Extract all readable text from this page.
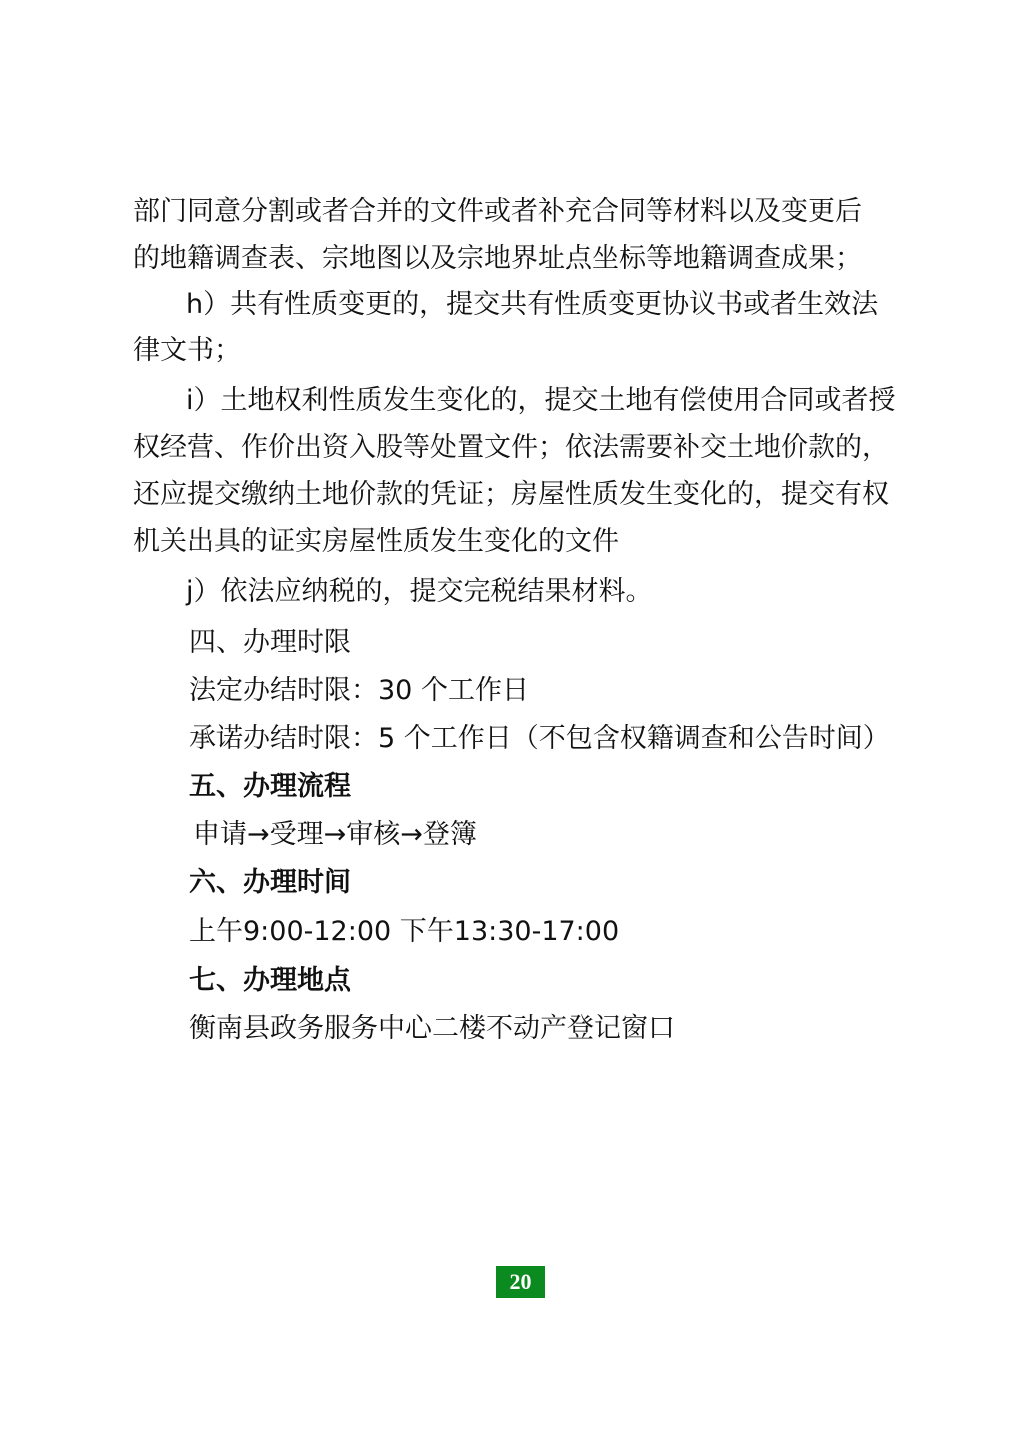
部门同意分割或者合并的文件或者补充合同等材料以及变更后
的地籍调查表、宗地图以及宗地界址点坐标等地籍调查成果；
h）共有性质变更的，提交共有性质变更协议书或者生效法
律文书；
i）土地权利性质发生变化的，提交土地有偿使用合同或者授
权经营、作价出资入股等处置文件；依法需要补交土地价款的，
还应提交缴纳土地价款的凭证；房屋性质发生变化的，提交有权
机关出具的证实房屋性质发生变化的文件
j）依法应纳税的，提交完税结果材料。
四、办理时限
法定办结时限：30 个工作日
承诺办结时限：5 个工作日（不包含权籍调查和公告时间）
五、办理流程
申请→受理→审核→登簿
六、办理时间
上午9:00-12:00 下午13:30-17:00
七、办理地点
衡南县政务服务中心二楼不动产登记窗口
20
